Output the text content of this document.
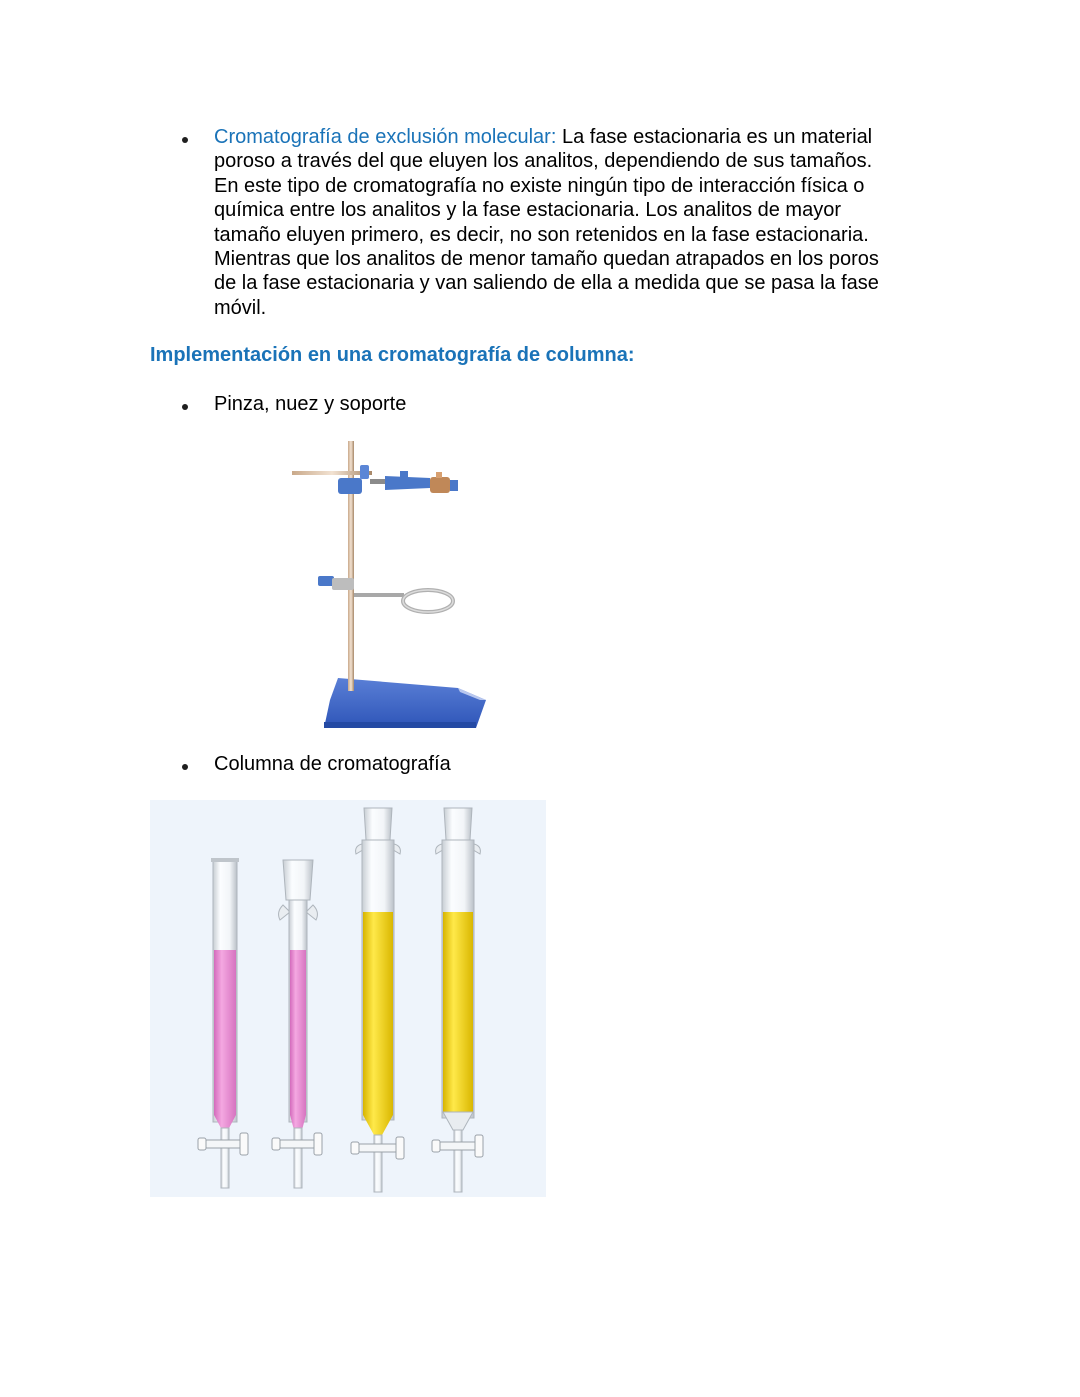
Cromatografía de exclusión molecular: La fase estacionaria es un material
poroso a través del que eluyen los analitos, dependiendo de sus tamaños.
En este tipo de cromatografía no existe ningún tipo de interacción física o
química entre los analitos y la fase estacionaria. Los analitos de mayor
tamaño eluyen primero, es decir, no son retenidos en la fase estacionaria.
Mientras que los analitos de menor tamaño quedan atrapados en los poros
de la fase estacionaria y van saliendo de ella a medida que se pasa la fase
móvil.
Implementación en una cromatografía de columna:
Pinza, nuez y soporte
Columna de cromatografía
